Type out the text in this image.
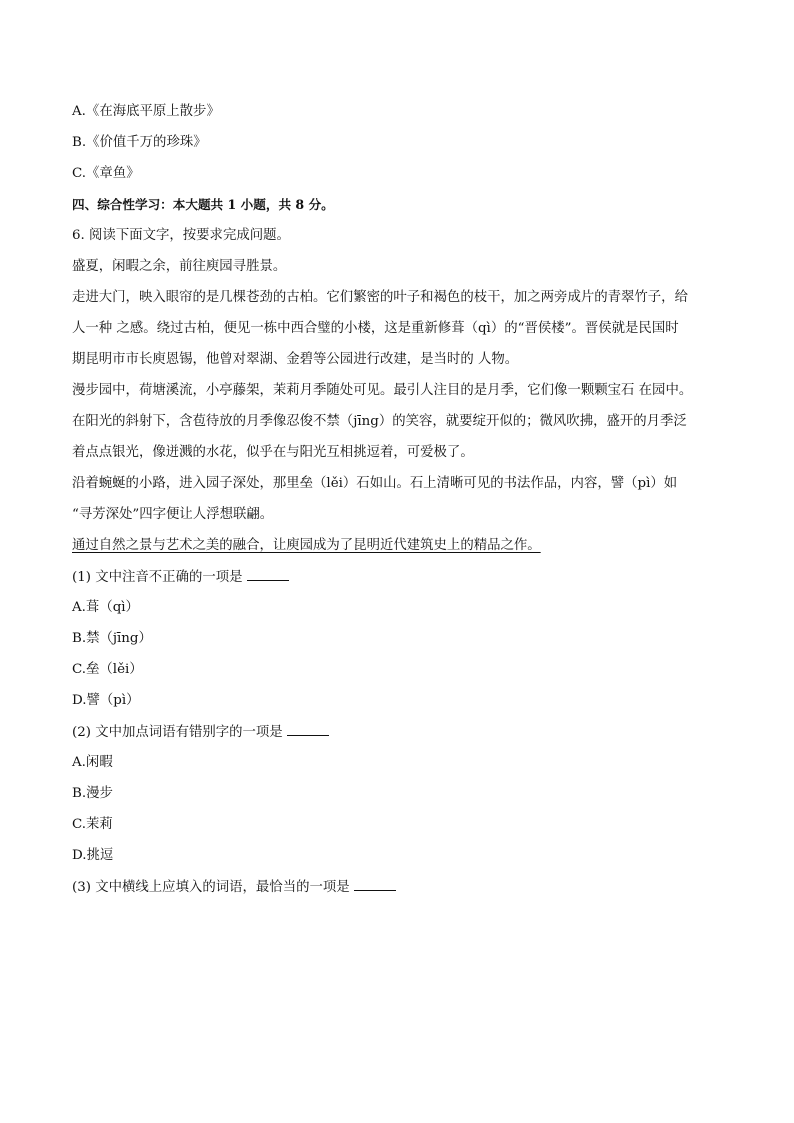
A.《在海底平原上散步》
B.《价值千万的珍珠》
C.《章鱼》
四、综合性学习：本大题共 1 小题，共 8 分。
6. 阅读下面文字，按要求完成问题。
盛夏，闲暇之余，前往庾园寻胜景。
走进大门，映入眼帘的是几棵苍劲的古柏。它们繁密的叶子和褐色的枝干，加之两旁成片的青翠竹子，给
人一种 之感。绕过古柏，便见一栋中西合璧的小楼，这是重新修葺（qì）的“晋侯楼”。晋侯就是民国时
期昆明市市长庾恩锡，他曾对翠湖、金碧等公园进行改建，是当时的 人物。
漫步园中，荷塘溪流，小亭藤架，茉莉月季随处可见。最引人注目的是月季，它们像一颗颗宝石 在园中。
在阳光的斜射下，含苞待放的月季像忍俊不禁（jīng）的笑容，就要绽开似的；微风吹拂，盛开的月季泛
着点点银光，像迸溅的水花，似乎在与阳光互相挑逗着，可爱极了。
沿着蜿蜒的小路，进入园子深处，那里垒（lěi）石如山。石上清晰可见的书法作品，内容，譬（pì）如
“寻芳深处”四字便让人浮想联翩。
通过自然之景与艺术之美的融合，让庾园成为了昆明近代建筑史上的精品之作。
(1) 文中注音不正确的一项是
A.葺（qì）
B.禁（jīng）
C.垒（lěi）
D.譬（pì）
(2) 文中加点词语有错别字的一项是
A.闲暇
B.漫步
C.茉莉
D.挑逗
(3) 文中横线上应填入的词语，最恰当的一项是
